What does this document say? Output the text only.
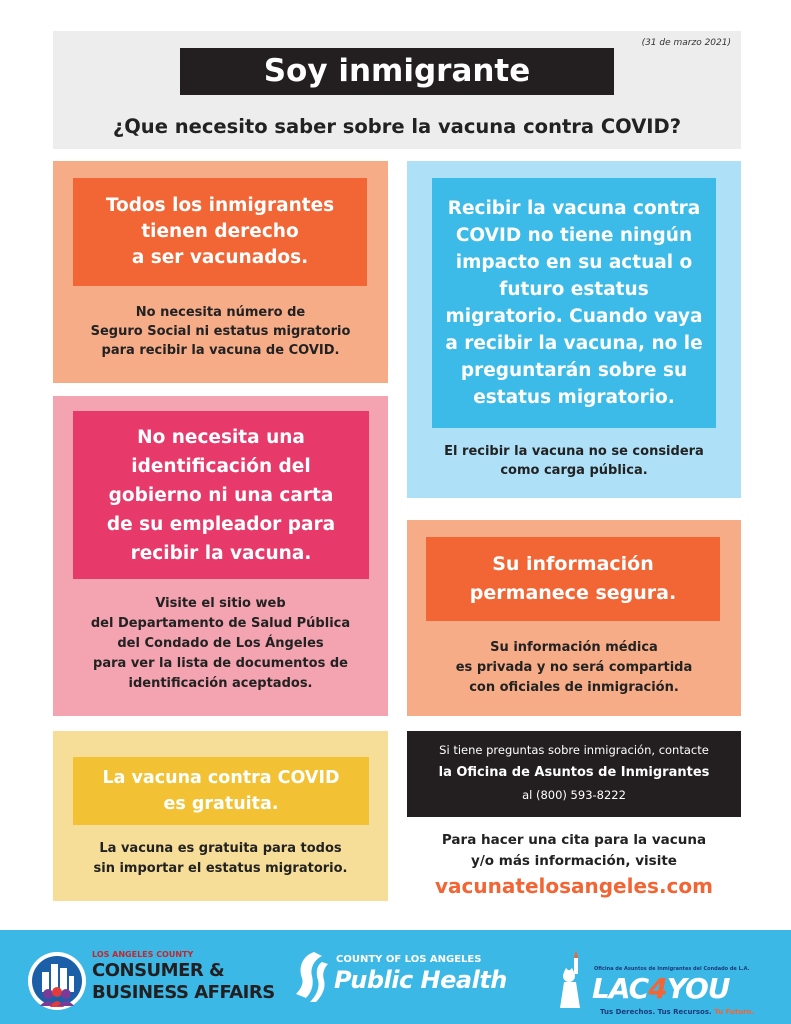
(31 de marzo 2021)
Soy inmigrante
¿Que necesito saber sobre la vacuna contra COVID?
Todos los inmigrantes
tienen derecho
a ser vacunados.
No necesita número de
Seguro Social ni estatus migratorio
para recibir la vacuna de COVID.
Recibir la vacuna contra
COVID no tiene ningún
impacto en su actual o
futuro estatus
migratorio. Cuando vaya
a recibir la vacuna, no le
preguntarán sobre su
estatus migratorio.
El recibir la vacuna no se considera
como carga pública.
No necesita una
identificación del
gobierno ni una carta
de su empleador para
recibir la vacuna.
Visite el sitio web
del Departamento de Salud Pública
del Condado de Los Ángeles
para ver la lista de documentos de
identificación aceptados.
Su información
permanece segura.
Su información médica
es privada y no será compartida
con oficiales de inmigración.
La vacuna contra COVID
es gratuita.
La vacuna es gratuita para todos
sin importar el estatus migratorio.
Si tiene preguntas sobre inmigración, contacte
la Oficina de Asuntos de Inmigrantes
al (800) 593-8222
Para hacer una cita para la vacuna
y/o más información, visite
vacunatelosangeles.com
LOS ANGELES COUNTY
CONSUMER &
BUSINESS AFFAIRS
COUNTY OF LOS ANGELES
Public Health	Oficina de Asuntos de Inmigrantes del Condado de L.A.
LAC4YOU
Tus Derechos. Tus Recursos. Tu Futuro.
